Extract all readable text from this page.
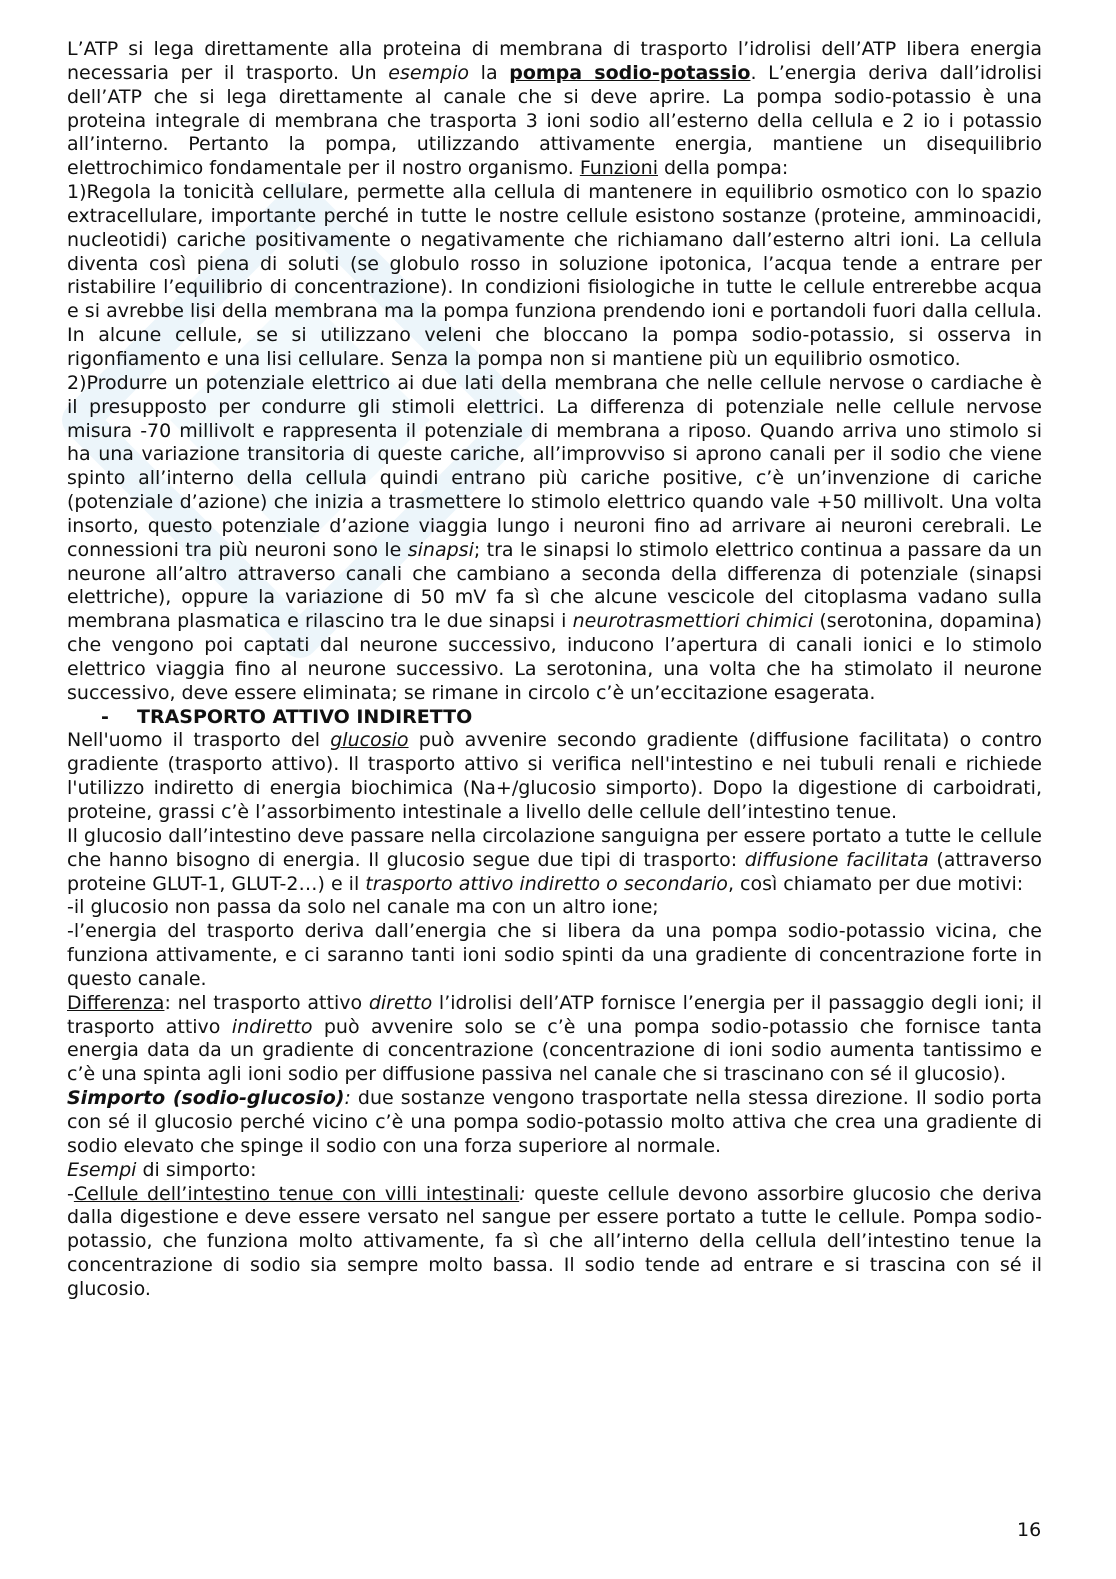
L’ATP si lega direttamente alla proteina di membrana di trasporto l’idrolisi dell’ATP libera energia necessaria per il trasporto. Un esempio la pompa sodio-potassio. L’energia deriva dall’idrolisi dell’ATP che si lega direttamente al canale che si deve aprire. La pompa sodio-potassio è una proteina integrale di membrana che trasporta 3 ioni sodio all’esterno della cellula e 2 io i potassio all’interno. Pertanto la pompa, utilizzando attivamente energia, mantiene un disequilibrio elettrochimico fondamentale per il nostro organismo. Funzioni della pompa:

1)Regola la tonicità cellulare, permette alla cellula di mantenere in equilibrio osmotico con lo spazio extracellulare, importante perché in tutte le nostre cellule esistono sostanze (proteine, amminoacidi, nucleotidi) cariche positivamente o negativamente che richiamano dall’esterno altri ioni. La cellula diventa così piena di soluti (se globulo rosso in soluzione ipotonica, l’acqua tende a entrare per ristabilire l’equilibrio di concentrazione). In condizioni fisiologiche in tutte le cellule entrerebbe acqua e si avrebbe lisi della membrana ma la pompa funziona prendendo ioni e portandoli fuori dalla cellula. In alcune cellule, se si utilizzano veleni che bloccano la pompa sodio-potassio, si osserva in rigonfiamento e una lisi cellulare. Senza la pompa non si mantiene più un equilibrio osmotico.

2)Produrre un potenziale elettrico ai due lati della membrana che nelle cellule nervose o cardiache è il presupposto per condurre gli stimoli elettrici. La differenza di potenziale nelle cellule nervose misura -70 millivolt e rappresenta il potenziale di membrana a riposo. Quando arriva uno stimolo si ha una variazione transitoria di queste cariche, all’improvviso si aprono canali per il sodio che viene spinto all’interno della cellula quindi entrano più cariche positive, c’è un’invenzione di cariche (potenziale d’azione) che inizia a trasmettere lo stimolo elettrico quando vale +50 millivolt. Una volta insorto, questo potenziale d’azione viaggia lungo i neuroni fino ad arrivare ai neuroni cerebrali. Le connessioni tra più neuroni sono le sinapsi; tra le sinapsi lo stimolo elettrico continua a passare da un neurone all’altro attraverso canali che cambiano a seconda della differenza di potenziale (sinapsi elettriche), oppure la variazione di 50 mV fa sì che alcune vescicole del citoplasma vadano sulla membrana plasmatica e rilascino tra le due sinapsi i neurotrasmettiori chimici (serotonina, dopamina) che vengono poi captati dal neurone successivo, inducono l’apertura di canali ionici e lo stimolo elettrico viaggia fino al neurone successivo. La serotonina, una volta che ha stimolato il neurone successivo, deve essere eliminata; se rimane in circolo c’è un’eccitazione esagerata.

- TRASPORTO ATTIVO INDIRETTO

Nell'uomo il trasporto del glucosio può avvenire secondo gradiente (diffusione facilitata) o contro gradiente (trasporto attivo). Il trasporto attivo si verifica nell'intestino e nei tubuli renali e richiede l'utilizzo indiretto di energia biochimica (Na+/glucosio simporto). Dopo la digestione di carboidrati, proteine, grassi c’è l’assorbimento intestinale a livello delle cellule dell’intestino tenue.

Il glucosio dall’intestino deve passare nella circolazione sanguigna per essere portato a tutte le cellule che hanno bisogno di energia. Il glucosio segue due tipi di trasporto: diffusione facilitata (attraverso proteine GLUT-1, GLUT-2…) e il trasporto attivo indiretto o secondario, così chiamato per due motivi:

-il glucosio non passa da solo nel canale ma con un altro ione;

-l’energia del trasporto deriva dall’energia che si libera da una pompa sodio-potassio vicina, che funziona attivamente, e ci saranno tanti ioni sodio spinti da una gradiente di concentrazione forte in questo canale.

Differenza: nel trasporto attivo diretto l’idrolisi dell’ATP fornisce l’energia per il passaggio degli ioni; il trasporto attivo indiretto può avvenire solo se c’è una pompa sodio-potassio che fornisce tanta energia data da un gradiente di concentrazione (concentrazione di ioni sodio aumenta tantissimo e c’è una spinta agli ioni sodio per diffusione passiva nel canale che si trascinano con sé il glucosio).

Simporto (sodio-glucosio): due sostanze vengono trasportate nella stessa direzione. Il sodio porta con sé il glucosio perché vicino c’è una pompa sodio-potassio molto attiva che crea una gradiente di sodio elevato che spinge il sodio con una forza superiore al normale.

Esempi di simporto:

-Cellule dell’intestino tenue con villi intestinali: queste cellule devono assorbire glucosio che deriva dalla digestione e deve essere versato nel sangue per essere portato a tutte le cellule. Pompa sodio-potassio, che funziona molto attivamente, fa sì che all’interno della cellula dell’intestino tenue la concentrazione di sodio sia sempre molto bassa. Il sodio tende ad entrare e si trascina con sé il glucosio.

16
